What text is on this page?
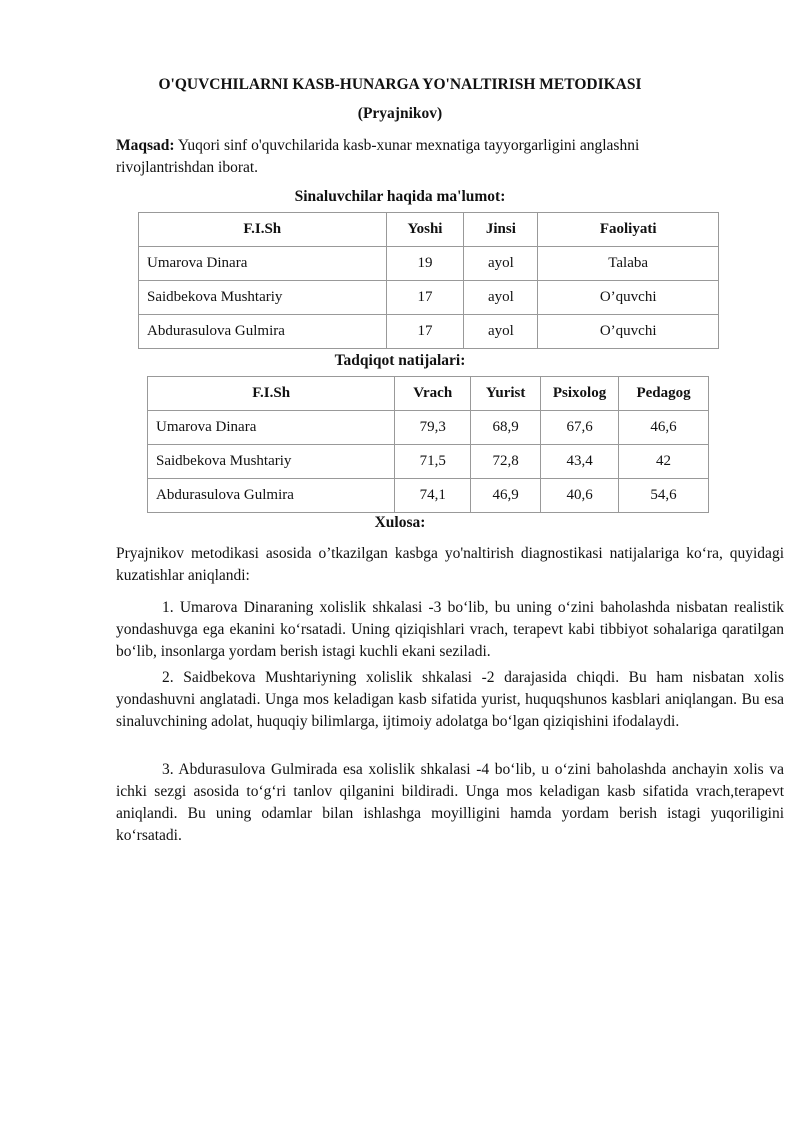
O'QUVCHILARNI KASB-HUNARGA YO'NALTIRISH METODIKASI
(Pryajnikov)
Maqsad: Yuqori sinf o'quvchilarida kasb-xunar mexnatiga tayyorgarligini anglashni rivojlantrishdan iborat.
Sinaluvchilar haqida ma'lumot:
F.I.Sh	Yoshi	Jinsi	Faoliyati
Umarova Dinara	19	ayol	Talaba
Saidbekova Mushtariy	17	ayol	O’quvchi
Abdurasulova Gulmira	17	ayol	O’quvchi
Tadqiqot natijalari:
F.I.Sh	Vrach	Yurist	Psixolog	Pedagog
Umarova Dinara	79,3	68,9	67,6	46,6
Saidbekova Mushtariy	71,5	72,8	43,4	42
Abdurasulova Gulmira	74,1	46,9	40,6	54,6
Xulosa:
Pryajnikov metodikasi asosida o’tkazilgan kasbga yo'naltirish diagnostikasi natijalariga ko‘ra, quyidagi kuzatishlar aniqlandi:
1. Umarova Dinaraning xolislik shkalasi -3 bo‘lib, bu uning o‘zini baholashda nisbatan realistik yondashuvga ega ekanini ko‘rsatadi. Uning qiziqishlari vrach, terapevt kabi tibbiyot sohalariga qaratilgan bo‘lib, insonlarga yordam berish istagi kuchli ekani seziladi.
2. Saidbekova Mushtariyning xolislik shkalasi -2 darajasida chiqdi. Bu ham nisbatan xolis yondashuvni anglatadi. Unga mos keladigan kasb sifatida yurist, huquqshunos kasblari aniqlangan. Bu esa sinaluvchining adolat, huquqiy bilimlarga, ijtimoiy adolatga bo‘lgan qiziqishini ifodalaydi.
3. Abdurasulova Gulmirada esa xolislik shkalasi -4 bo‘lib, u o‘zini baholashda anchayin xolis va ichki sezgi asosida to‘g‘ri tanlov qilganini bildiradi. Unga mos keladigan kasb sifatida vrach,terapevt aniqlandi. Bu uning odamlar bilan ishlashga moyilligini hamda yordam berish istagi yuqoriligini ko‘rsatadi.
